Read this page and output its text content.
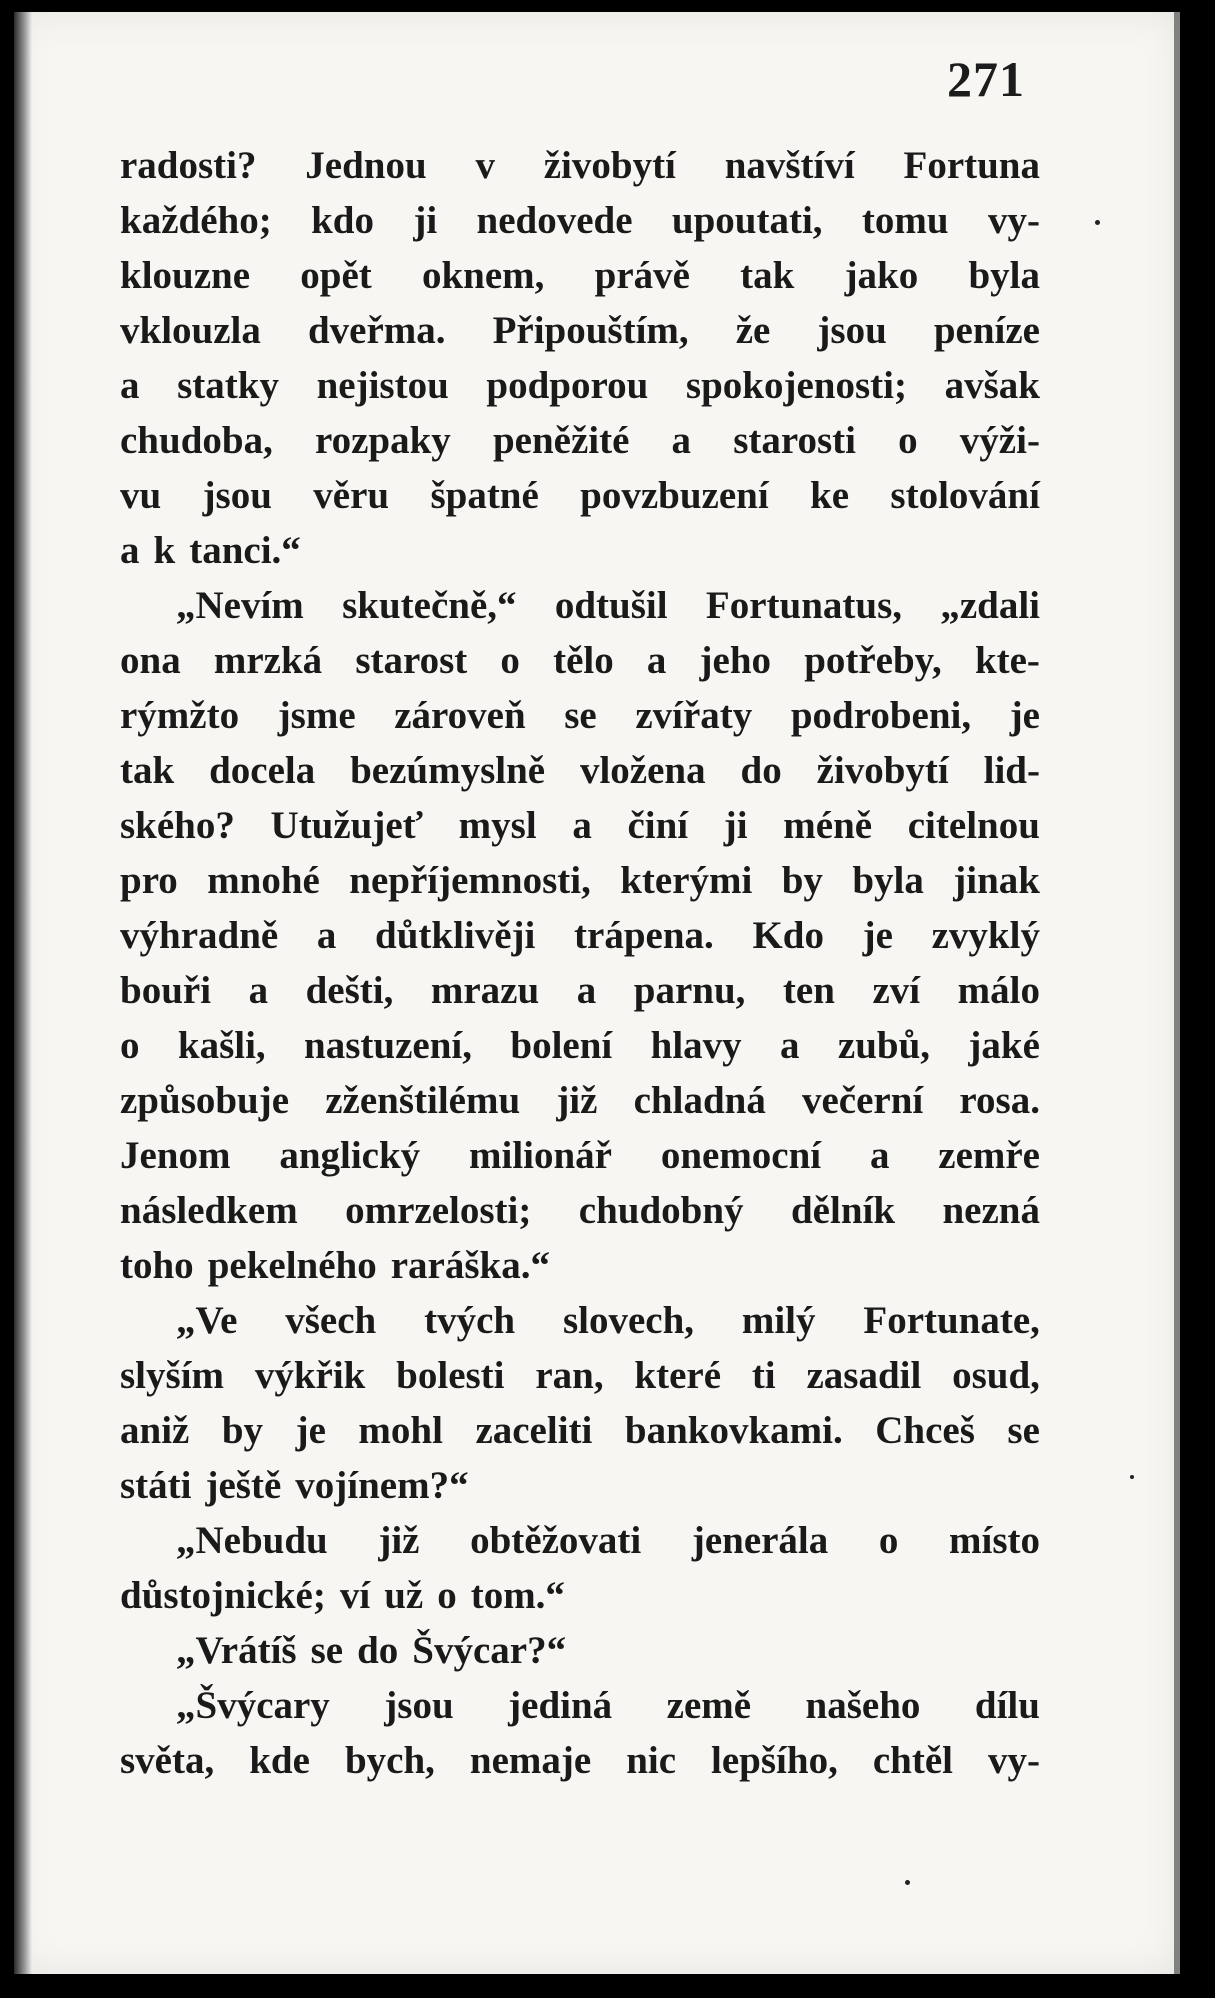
271
radosti? Jednou v živobytí navštíví Fortuna
každého; kdo ji nedovede upoutati, tomu vy-
klouzne opět oknem, právě tak jako byla
vklouzla dveřma. Připouštím, že jsou peníze
a statky nejistou podporou spokojenosti; avšak
chudoba, rozpaky peněžité a starosti o výži-
vu jsou věru špatné povzbuzení ke stolování
a k tanci.“
„Nevím skutečně,“ odtušil Fortunatus, „zdali
ona mrzká starost o tělo a jeho potřeby, kte-
rýmžto jsme zároveň se zvířaty podrobeni, je
tak docela bezúmyslně vložena do živobytí lid-
ského? Utužujeť mysl a činí ji méně citelnou
pro mnohé nepříjemnosti, kterými by byla jinak
výhradně a důtklivěji trápena. Kdo je zvyklý
bouři a dešti, mrazu a parnu, ten zví málo
o kašli, nastuzení, bolení hlavy a zubů, jaké
způsobuje zženštilému již chladná večerní rosa.
Jenom anglický milionář onemocní a zemře
následkem omrzelosti; chudobný dělník nezná
toho pekelného raráška.“
„Ve všech tvých slovech, milý Fortunate,
slyším výkřik bolesti ran, které ti zasadil osud,
aniž by je mohl zaceliti bankovkami. Chceš se
státi ještě vojínem?“
„Nebudu již obtěžovati jenerála o místo
důstojnické; ví už o tom.“
„Vrátíš se do Švýcar?“
„Švýcary jsou jediná země našeho dílu
světa, kde bych, nemaje nic lepšího, chtěl vy-
